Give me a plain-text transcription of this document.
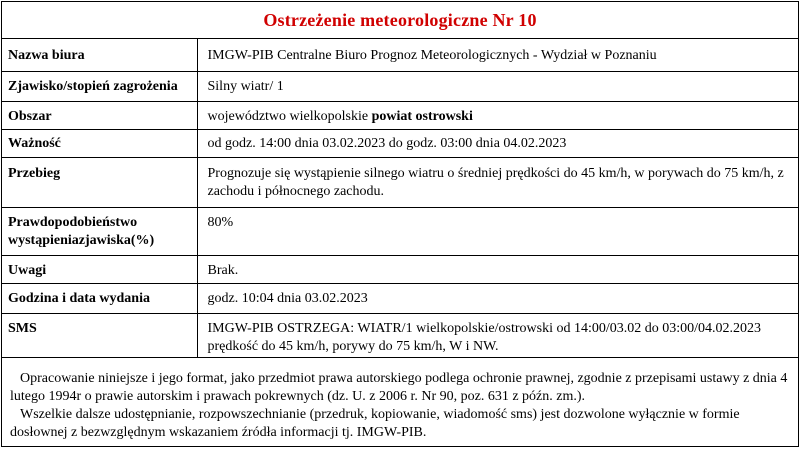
Ostrzeżenie meteorologiczne Nr 10
Nazwa biura	IMGW-PIB Centralne Biuro Prognoz Meteorologicznych - Wydział w Poznaniu
Zjawisko/stopień zagrożenia	Silny wiatr/ 1
Obszar	województwo wielkopolskie powiat ostrowski
Ważność	od godz. 14:00 dnia 03.02.2023 do godz. 03:00 dnia 04.02.2023
Przebieg	Prognozuje się wystąpienie silnego wiatru o średniej prędkości do 45 km/h, w porywach do 75 km/h, z zachodu i północnego zachodu.
Prawdopodobieństwo wystąpieniazjawiska(%)	80%
Uwagi	Brak.
Godzina i data wydania	godz. 10:04 dnia 03.02.2023
SMS	IMGW-PIB OSTRZEGA: WIATR/1 wielkopolskie/ostrowski od 14:00/03.02 do 03:00/04.02.2023 prędkość do 45 km/h, porywy do 75 km/h, W i NW.

Opracowanie niniejsze i jego format, jako przedmiot prawa autorskiego podlega ochronie prawnej, zgodnie z przepisami ustawy z dnia 4 lutego 1994r o prawie autorskim i prawach pokrewnych (dz. U. z 2006 r. Nr 90, poz. 631 z późn. zm.).

Wszelkie dalsze udostępnianie, rozpowszechnianie (przedruk, kopiowanie, wiadomość sms) jest dozwolone wyłącznie w formie dosłownej z bezwzględnym wskazaniem źródła informacji tj. IMGW-PIB.
